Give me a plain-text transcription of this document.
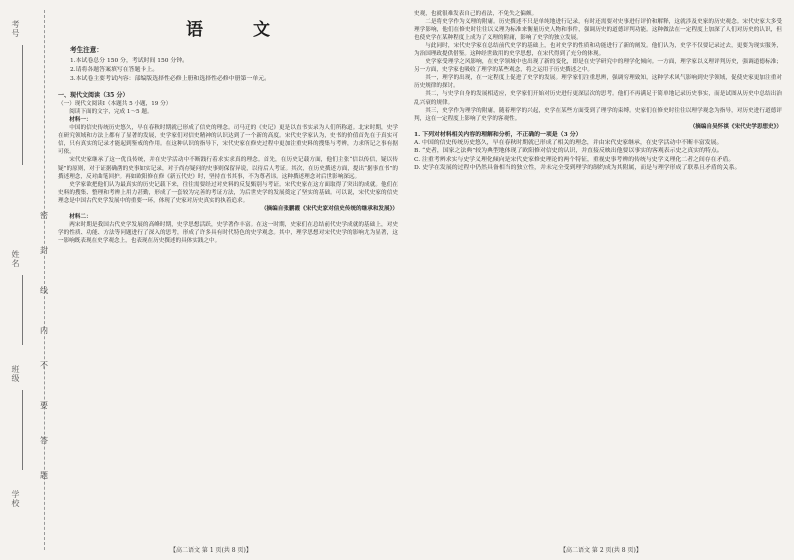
考号
姓名
班级
学校
密
封
线
内
不
要
答
题
语 文
考生注意：
1.本试卷总分 150 分，考试时间 150 分钟。
2.请将各题答案填写在答题卡上。
3.本试卷主要考试内容：部编版选择性必修上册和选择性必修中册第一单元。
一、现代文阅读（35 分）
（一）现代文阅读Ⅰ（本题共 5 小题，19 分）

阅读下面的文字，完成 1～5 题。

材料一：

中国的信史传统历史悠久，早在春秋时期就已形成了信史的理念。司马迁的《史记》更是以直书实录为人们所称道。北宋时期，史学在研究领域和方法上都有了显著的发展，史学家们对信史精神的认识达到了一个新的高度。宋代史学家认为，史书的价值首先在于真实可信，只有真实的记录才能起到鉴戒的作用。在这种认识的指导下，宋代史家在修史过程中更加注重史料的搜集与考辨，力求所记之事有据可依。

宋代史家继承了这一优良传统，并在史学活动中不断践行着求实求真的理念。首先，在历史记载方面，他们主张“信以传信，疑以传疑”的原则，对于证据确凿的史事如实记录，对于尚存疑问的史事则保留异说，以待后人考证。其次，在历史撰述方面，提出“据事直书”的撰述理念，反对曲笔回护。再如欧阳修在修《新五代史》时，坚持直书其事，不为尊者讳。这种撰述理念对后世影响深远。

史学家欲把他们认为最真实的历史记载下来，往往需要经过对史料的反复甄别与考证。宋代史家在这方面取得了突出的成就。他们在史料的搜集、整理和考辨上用力甚勤，形成了一套较为完善的考证方法，为后世史学的发展奠定了坚实的基础。可以说，宋代史家的信史理念是中国古代史学发展中的重要一环，体现了史家对历史真实的执着追求。

（摘编自张鹏霞《宋代史家对信史传统的继承和发展》）

材料二：

两宋时期是我国古代史学发展的高峰时期，史学思想活跃，史学著作丰富。在这一时期，史家们在总结前代史学成就的基础上，对史学的性质、功能、方法等问题进行了深入的思考，形成了许多具有时代特色的史学观念。其中，理学思想对宋代史学的影响尤为显著，这一影响既表现在史学观念上，也表现在历史撰述的具体实践之中。

【高二语文 第 1 页(共 8 页)】

史观，也就很难发表自己的看法，不免失之偏颇。

二是将史学作为义理的附庸。历史撰述不只是单纯地进行记录，有时还需要对史事进行评价和解释，这就涉及史家的历史观念。宋代史家大多受理学影响，他们在修史时往往以义理为标准来衡量历史人物和事件，强调历史的道德评判功能。这种做法在一定程度上加深了人们对历史的认识，但也使史学在某种程度上成为了义理的附庸，影响了史学的独立发展。

与此同时，宋代史学家在总结前代史学的基础上，也对史学的性质和功能进行了新的阐发。他们认为，史学不仅要记录过去，更要为现实服务，为治国理政提供借鉴。这种经世致用的史学思想，在宋代得到了充分的体现。

史学家受理学之风影响，在史学领域中也出现了新的变化，即是在史学研究中的理学化倾向。一方面，理学家以义理评判历史，强调道德标准；另一方面，史学家也吸收了理学的某些观念，将之运用于历史撰述之中。

其一，理学的出现，在一定程度上促进了史学的发展。理学家们注重思辨，强调穷理致知，这种学术风气影响到史学领域，促使史家更加注重对历史规律的探讨。

其二，与史学自身的发展相适应，史学家们开始对历史进行更深层次的思考。他们不再满足于简单地记录历史事实，而是试图从历史中总结出治乱兴衰的规律。

其三，史学作为理学的附庸，随着理学的兴起，史学在某些方面受到了理学的束缚。史家们在修史时往往以理学观念为指导，对历史进行道德评判，这在一定程度上影响了史学的客观性。

（摘编自吴怀祺《宋代史学思想史》）

1. 下列对材料相关内容的理解和分析，不正确的一项是（3 分）

A. 中国的信史传统历史悠久，早在春秋时期就已形成了相关的理念，并由宋代史家继承，在史学活动中不断丰富发展。

B. “史者，国家之法典”较为典型地体现了欧阳修对信史的认识，并直接反映出他要以事实的客观表示史之真实的特点。

C. 注重考辨求实与史学义理化倾向是宋代史家修史理论的两个特征，重视史事考辨的传统与史学义理化二者之间存在矛盾。

D. 史学在发展的过程中仍然具备相当的独立性，并未完全受到理学的制约成为其附属，而是与理学形成了联系且矛盾的关系。

【高二语文 第 2 页(共 8 页)】
